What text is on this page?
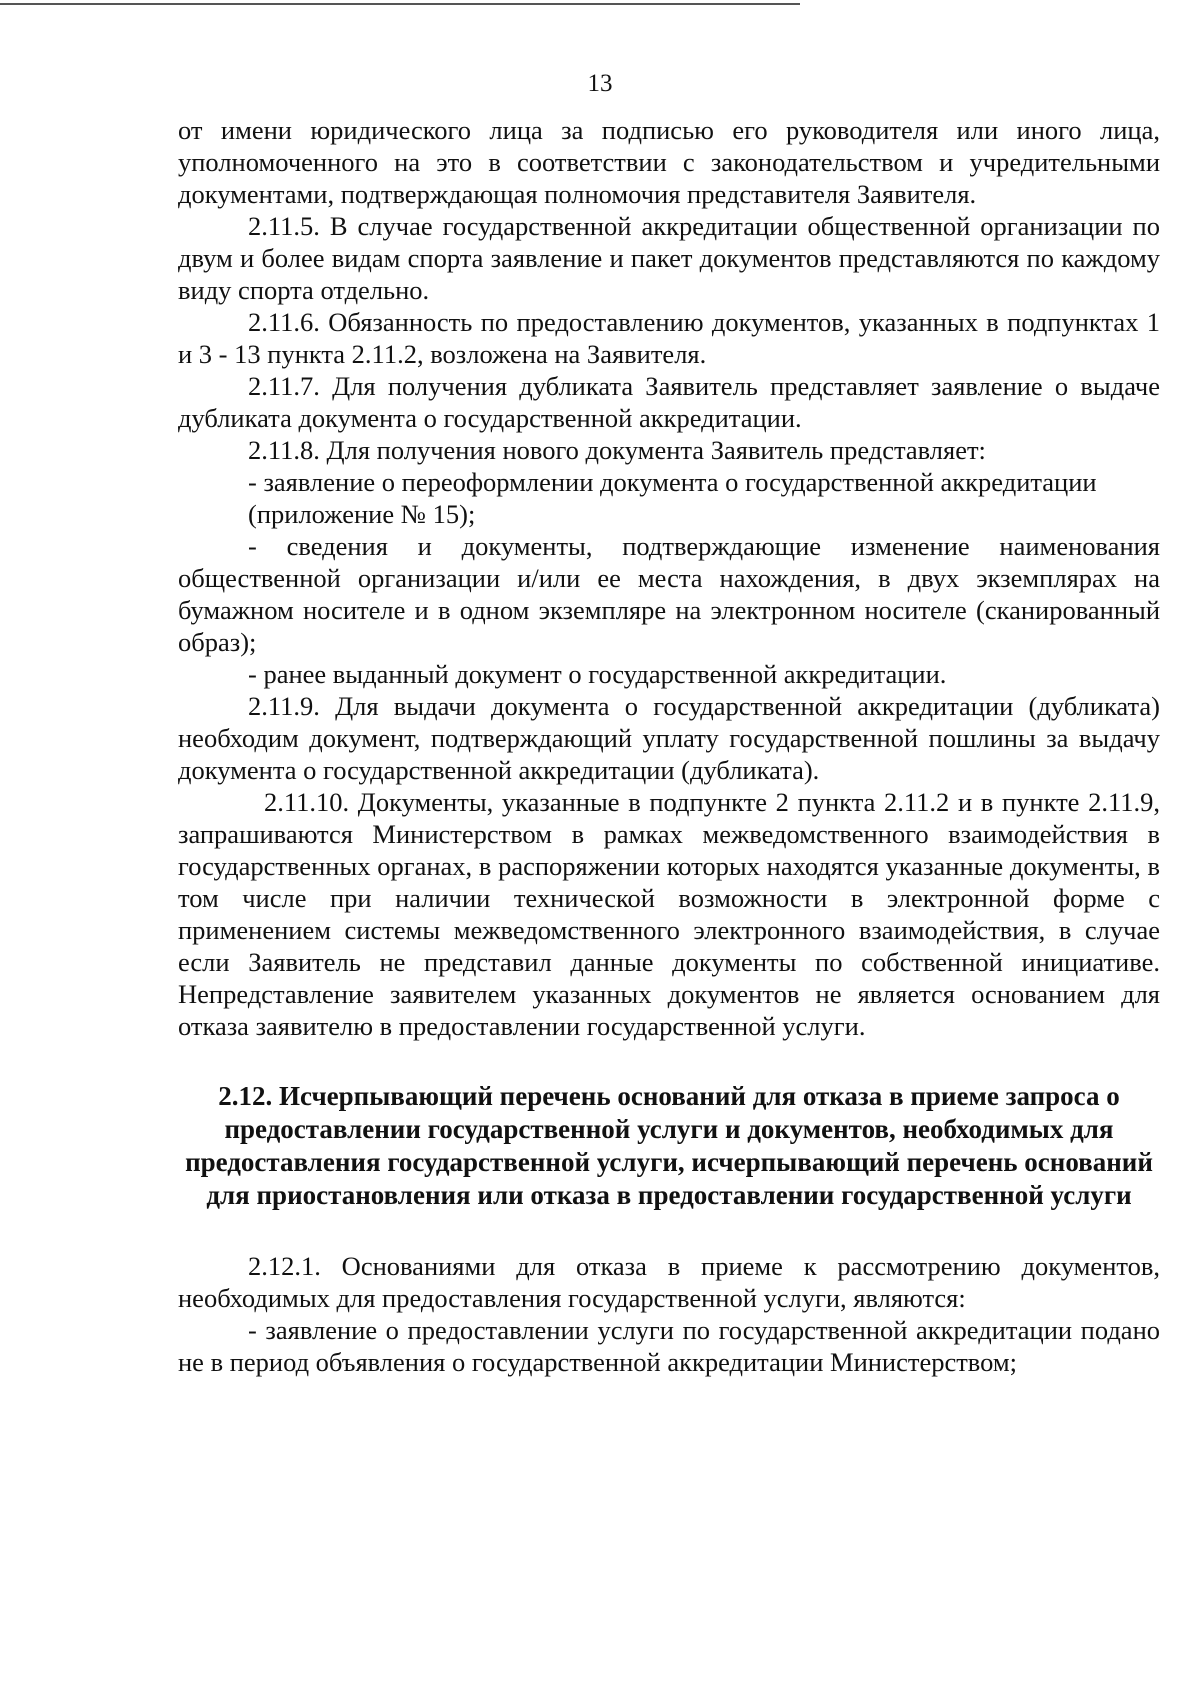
13

от имени юридического лица за подписью его руководителя или иного лица, уполномоченного на это в соответствии с законодательством и учредительными документами, подтверждающая полномочия представителя Заявителя.

2.11.5. В случае государственной аккредитации общественной организации по двум и более видам спорта заявление и пакет документов представляются по каждому виду спорта отдельно.

2.11.6. Обязанность по предоставлению документов, указанных в подпунктах 1 и 3 - 13 пункта 2.11.2, возложена на Заявителя.

2.11.7. Для получения дубликата Заявитель представляет заявление о выдаче дубликата документа о государственной аккредитации.

2.11.8. Для получения нового документа Заявитель представляет:

- заявление о переоформлении документа о государственной аккредитации

(приложение № 15);

- сведения и документы, подтверждающие изменение наименования общественной организации и/или ее места нахождения, в двух экземплярах на бумажном носителе и в одном экземпляре на электронном носителе (сканированный образ);

- ранее выданный документ о государственной аккредитации.

2.11.9. Для выдачи документа о государственной аккредитации (дубликата) необходим документ, подтверждающий уплату государственной пошлины за выдачу документа о государственной аккредитации (дубликата).

2.11.10. Документы, указанные в подпункте 2 пункта 2.11.2 и в пункте 2.11.9, запрашиваются Министерством в рамках межведомственного взаимодействия в государственных органах, в распоряжении которых находятся указанные документы, в том числе при наличии технической возможности в электронной форме с применением системы межведомственного электронного взаимодействия, в случае если Заявитель не представил данные документы по собственной инициативе. Непредставление заявителем указанных документов не является основанием для отказа заявителю в предоставлении государственной услуги.

2.12. Исчерпывающий перечень оснований для отказа в приеме запроса о предоставлении государственной услуги и документов, необходимых для предоставления государственной услуги, исчерпывающий перечень оснований для приостановления или отказа в предоставлении государственной услуги

2.12.1. Основаниями для отказа в приеме к рассмотрению документов, необходимых для предоставления государственной услуги, являются:

- заявление о предоставлении услуги по государственной аккредитации подано не в период объявления о государственной аккредитации Министерством;
